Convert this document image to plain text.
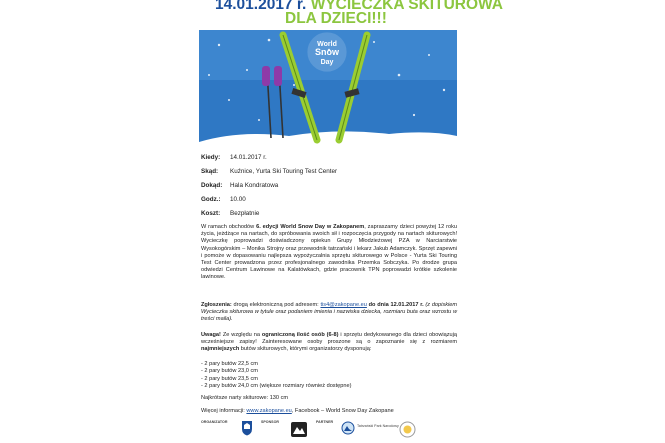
14.01.2017 r. WYCIECZKA SKITUROWA
DLA DZIECI!!!
World
Snow
Day
Kiedy: 14.01.2017 r.
Skąd: Kuźnice, Yurta Ski Touring Test Center
Dokąd: Hala Kondratowa
Godz.: 10.00
Koszt: Bezpłatnie
W ramach obchodów 6. edycji World Snow Day w Zakopanem, zapraszamy dzieci powyżej 12 roku życia, jeżdżące na nartach, do spróbowania swoich sił i rozpoczęcia przygody na nartach skiturowych! Wycieczkę poprowadzi doświadczony opiekun Grupy Młodzieżowej PZA w Narciarstwie Wysokogórskim – Monika Strojny oraz przewodnik tatrzański i lekarz Jakub Adamczyk. Sprzęt zapewni i pomoże w dopasowaniu najlepsza wypożyczalnia sprzętu skiturowego w Polsce - Yurta Ski Touring Test Center prowadzona przez profesjonalnego zawodnika Przemka Sobczyka. Po drodze grupa odwiedzi Centrum Lawinowe na Kalatówkach, gdzie pracownik TPN poprowadzi krótkie szkolenie lawinowe.
Zgłoszenia: drogą elektroniczną pod adresem: tis4@zakopane.eu do dnia 12.01.2017 r. (z dopiskiem Wycieczka skiturowa w tytule oraz podaniem imienia i nazwiska dziecka, rozmiaru buta oraz wzrostu w treści maila).
Uwaga! Ze względu na ograniczoną ilość osób (6-8) i sprzętu dedykowanego dla dzieci obowiązują wcześniejsze zapisy! Zainteresowane osoby proszone są o zapoznanie się z rozmiarem najmniejszych butów skiturowych, którymi organizatorzy dysponują:
- 2 pary butów 22,5 cm
- 2 pary butów 23,0 cm
- 2 pary butów 23,5 cm
- 2 pary butów 24,0 cm (większe rozmiary również dostępne)
Najkrótsze narty skiturowe: 130 cm
Więcej informacji: www.zakopane.eu, Facebook – World Snow Day Zakopane
ORGANIZATOR	SPONSOR	PARTNER
Tatrzański Park Narodowy
